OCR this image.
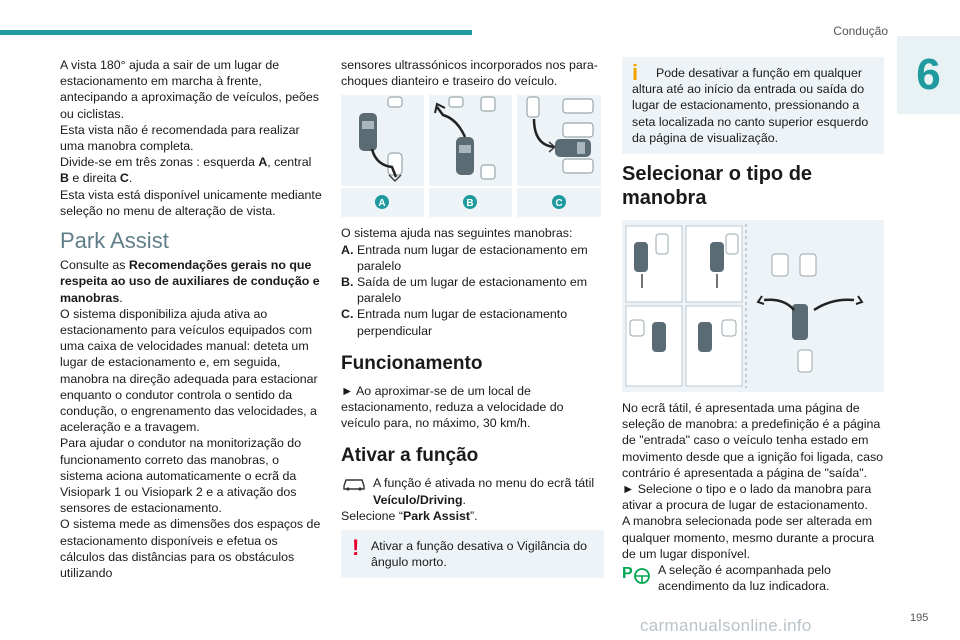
Condução
6

A vista 180° ajuda a sair de um lugar de estacionamento em marcha à frente, antecipando a aproximação de veículos, peões ou ciclistas.

Esta vista não é recomendada para realizar uma manobra completa.

Divide-se em três zonas : esquerda A, central B e direita C.

Esta vista está disponível unicamente mediante seleção no menu de alteração de vista.

Park Assist

Consulte as Recomendações gerais no que respeita ao uso de auxiliares de condução e manobras.

O sistema disponibiliza ajuda ativa ao estacionamento para veículos equipados com uma caixa de velocidades manual: deteta um lugar de estacionamento e, em seguida, manobra na direção adequada para estacionar enquanto o condutor controla o sentido da condução, o engrenamento das velocidades, a aceleração e a travagem.

Para ajudar o condutor na monitorização do funcionamento correto das manobras, o sistema aciona automaticamente o ecrã da Visiopark 1 ou Visiopark 2 e a ativação dos sensores de estacionamento.

O sistema mede as dimensões dos espaços de estacionamento disponíveis e efetua os cálculos das distâncias para os obstáculos utilizando

sensores ultrassónicos incorporados nos para-choques dianteiro e traseiro do veículo.

A	B	C

O sistema ajuda nas seguintes manobras:

A. Entrada num lugar de estacionamento em paralelo
B. Saída de um lugar de estacionamento em paralelo
C. Entrada num lugar de estacionamento perpendicular
Funcionamento

► Ao aproximar-se de um local de estacionamento, reduza a velocidade do veículo para, no máximo, 30 km/h.

Ativar a função
A função é ativada no menu do ecrã tátil Veículo/Driving.

Selecione “Park Assist”.

! Ativar a função desativa o Vigilância do ângulo morto.
i	Pode desativar a função em qualquer altura até ao início da entrada ou saída do lugar de estacionamento, pressionando a seta localizada no canto superior esquerdo da página de visualização.

Selecionar o tipo de manobra

No ecrã tátil, é apresentada uma página de seleção de manobra: a predefinição é a página de "entrada" caso o veículo tenha estado em movimento desde que a ignição foi ligada, caso contrário é apresentada a página de "saída".

► Selecione o tipo e o lado da manobra para ativar a procura de lugar de estacionamento.

A manobra selecionada pode ser alterada em qualquer momento, mesmo durante a procura de um lugar disponível.

P A seleção é acompanhada pelo acendimento da luz indicadora.
carmanualsonline.info	195
